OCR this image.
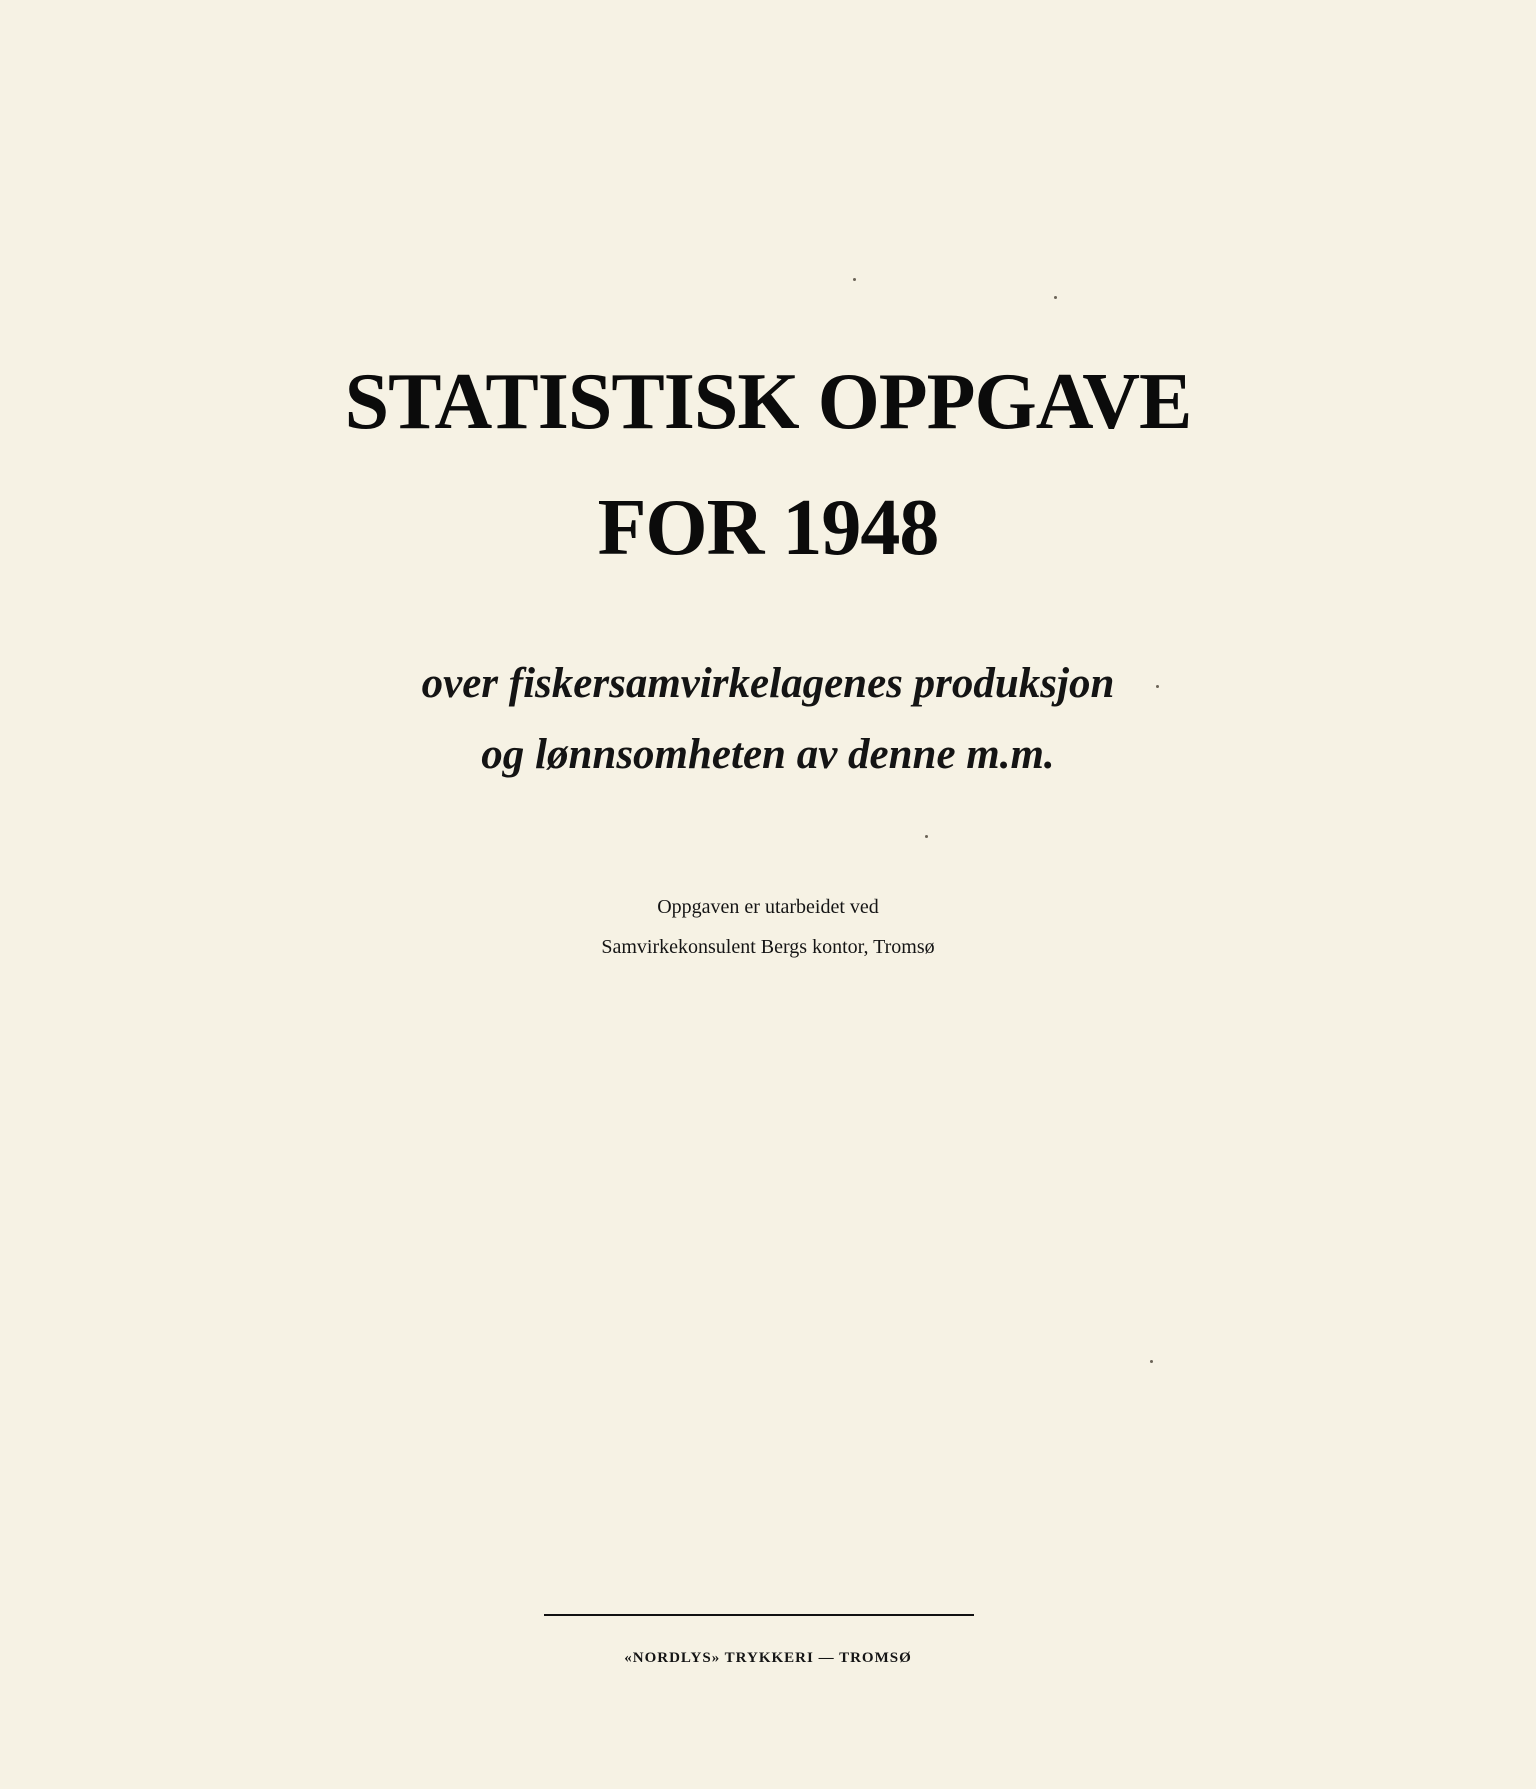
STATISTISK OPPGAVE
FOR 1948
over fiskersamvirkelagenes produksjon
og lønnsomheten av denne m.m.
Oppgaven er utarbeidet ved
Samvirkekonsulent Bergs kontor, Tromsø
«NORDLYS» TRYKKERI — TROMSØ
